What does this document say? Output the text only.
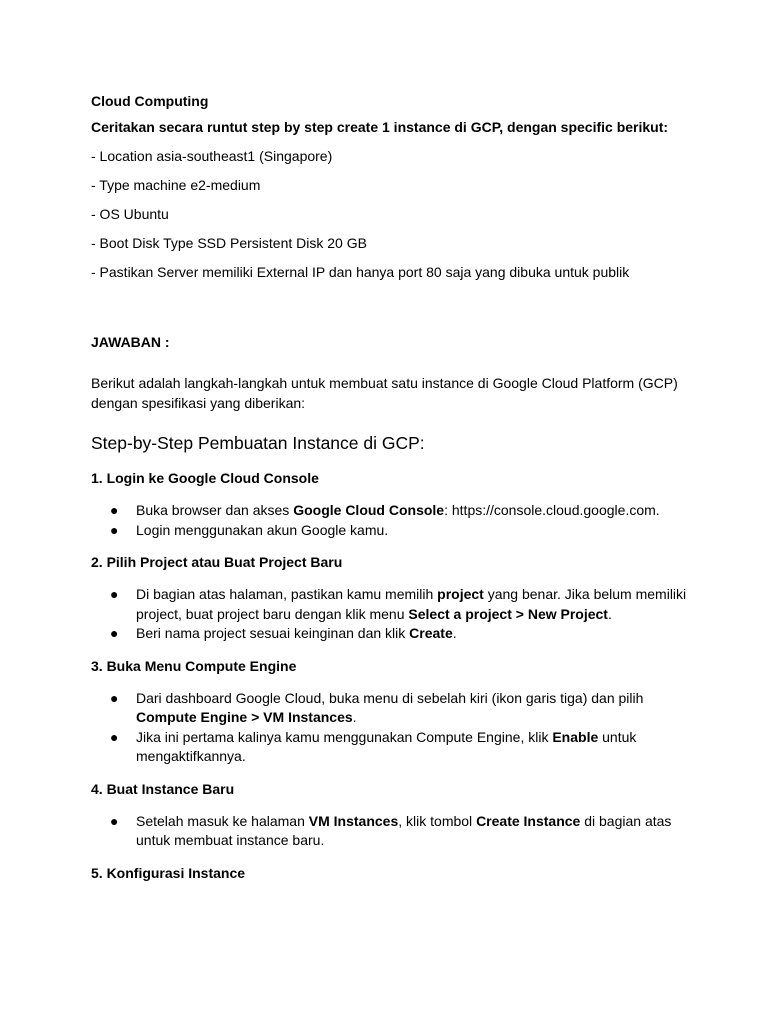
Cloud Computing

Ceritakan secara runtut step by step create 1 instance di GCP, dengan specific berikut:

- Location asia-southeast1 (Singapore)

- Type machine e2-medium

- OS Ubuntu

- Boot Disk Type SSD Persistent Disk 20 GB

- Pastikan Server memiliki External IP dan hanya port 80 saja yang dibuka untuk publik

JAWABAN :

Berikut adalah langkah-langkah untuk membuat satu instance di Google Cloud Platform (GCP) dengan spesifikasi yang diberikan:

Step-by-Step Pembuatan Instance di GCP:
1. Login ke Google Cloud Console
● Buka browser dan akses Google Cloud Console: https://console.cloud.google.com.
● Login menggunakan akun Google kamu.
2. Pilih Project atau Buat Project Baru
● Di bagian atas halaman, pastikan kamu memilih project yang benar. Jika belum memiliki project, buat project baru dengan klik menu Select a project > New Project.
● Beri nama project sesuai keinginan dan klik Create.
3. Buka Menu Compute Engine
● Dari dashboard Google Cloud, buka menu di sebelah kiri (ikon garis tiga) dan pilih Compute Engine > VM Instances.
● Jika ini pertama kalinya kamu menggunakan Compute Engine, klik Enable untuk mengaktifkannya.
4. Buat Instance Baru
● Setelah masuk ke halaman VM Instances, klik tombol Create Instance di bagian atas untuk membuat instance baru.
5. Konfigurasi Instance
